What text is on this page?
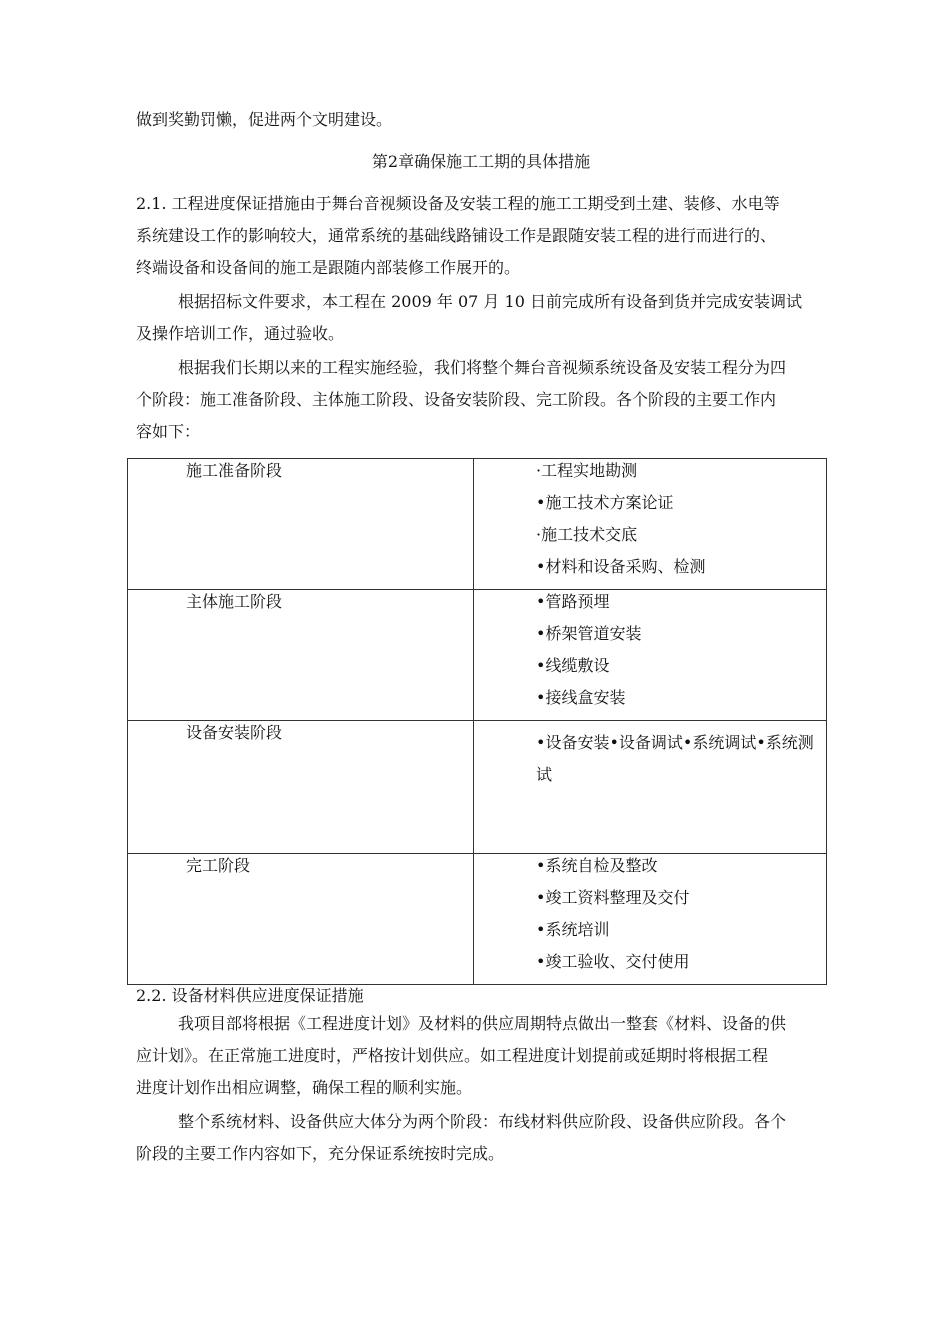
做到奖勤罚懒，促进两个文明建设。
第2章确保施工工期的具体措施
2.1. 工程进度保证措施由于舞台音视频设备及安装工程的施工工期受到土建、装修、水电等
系统建设工作的影响较大，通常系统的基础线路铺设工作是跟随安装工程的进行而进行的、
终端设备和设备间的施工是跟随内部装修工作展开的。
根据招标文件要求，本工程在 2009 年 07 月 10 日前完成所有设备到货并完成安装调试
及操作培训工作，通过验收。
根据我们长期以来的工程实施经验，我们将整个舞台音视频系统设备及安装工程分为四
个阶段：施工准备阶段、主体施工阶段、设备安装阶段、完工阶段。各个阶段的主要工作内
容如下：
施工准备阶段	·工程实地勘测
•施工技术方案论证
·施工技术交底
•材料和设备采购、检测

主体施工阶段	•管路预埋
•桥架管道安装
•线缆敷设
•接线盒安装

设备安装阶段	•设备安装•设备调试•系统调试•系统测试

完工阶段	•系统自检及整改
•竣工资料整理及交付
•系统培训
•竣工验收、交付使用
2.2. 设备材料供应进度保证措施
我项目部将根据《工程进度计划》及材料的供应周期特点做出一整套《材料、设备的供
应计划》。在正常施工进度时，严格按计划供应。如工程进度计划提前或延期时将根据工程
进度计划作出相应调整，确保工程的顺利实施。
整个系统材料、设备供应大体分为两个阶段：布线材料供应阶段、设备供应阶段。各个
阶段的主要工作内容如下，充分保证系统按时完成。
